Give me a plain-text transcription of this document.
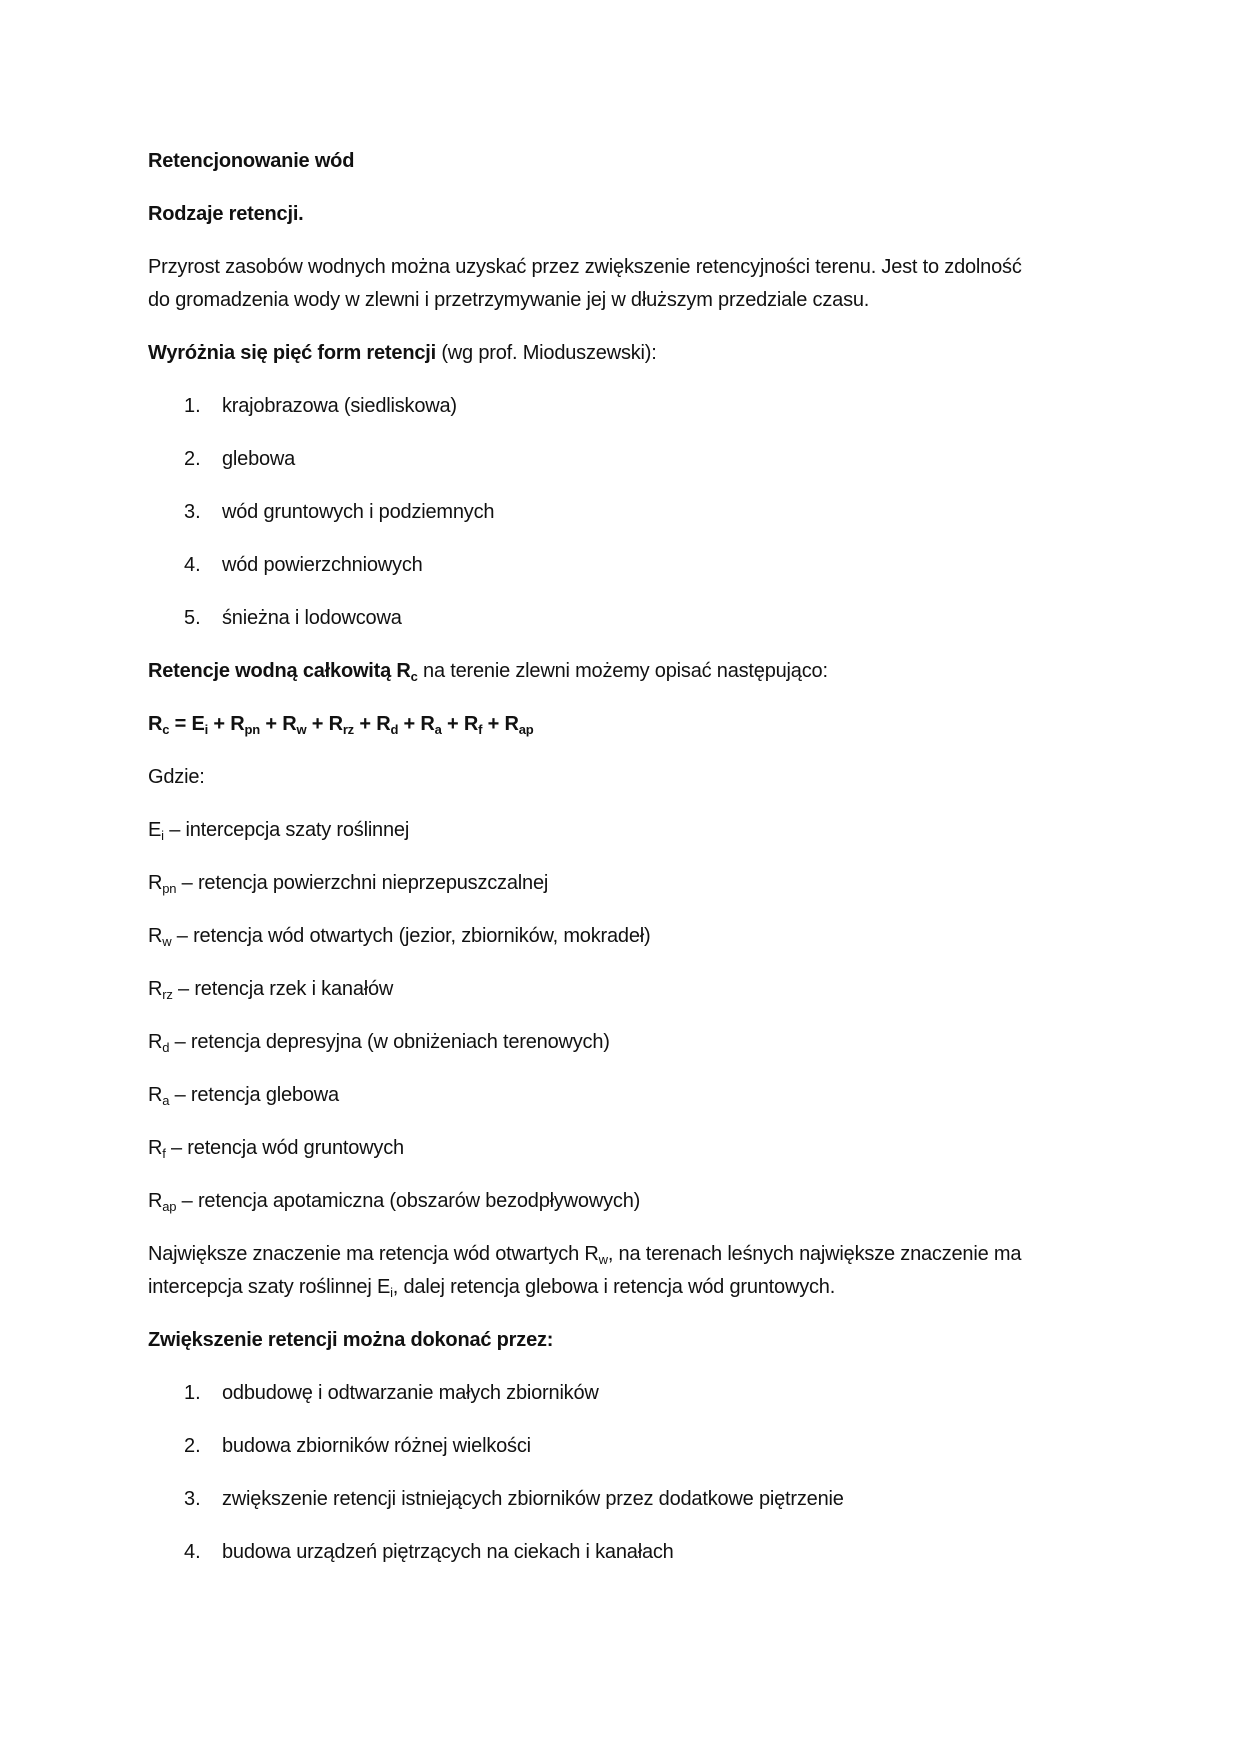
Retencjonowanie wód
Rodzaje retencji.
Przyrost zasobów wodnych można uzyskać przez zwiększenie retencyjności terenu. Jest to zdolność
do gromadzenia wody w zlewni i przetrzymywanie jej w dłuższym przedziale czasu.
Wyróżnia się pięć form retencji (wg prof. Mioduszewski):
1. krajobrazowa (siedliskowa)
2. glebowa
3. wód gruntowych i podziemnych
4. wód powierzchniowych
5. śnieżna i lodowcowa
Retencje wodną całkowitą $R_c$ na terenie zlewni możemy opisać następująco:
$R_c = E_i + R_{pn} + R_w + R_{rz} + R_d + R_a + R_f + R_{ap}$
Gdzie:
$E_i$ – intercepcja szaty roślinnej
$R_{pn}$ – retencja powierzchni nieprzepuszczalnej
$R_w$ – retencja wód otwartych (jezior, zbiorników, mokradeł)
$R_{rz}$ – retencja rzek i kanałów
$R_d$ – retencja depresyjna (w obniżeniach terenowych)
$R_a$ – retencja glebowa
$R_f$ – retencja wód gruntowych
$R_{ap}$ – retencja apotamiczna (obszarów bezodpływowych)
Największe znaczenie ma retencja wód otwartych $R_w$, na terenach leśnych największe znaczenie ma
intercepcja szaty roślinnej $E_i$, dalej retencja glebowa i retencja wód gruntowych.
Zwiększenie retencji można dokonać przez:
1. odbudowę i odtwarzanie małych zbiorników
2. budowa zbiorników różnej wielkości
3. zwiększenie retencji istniejących zbiorników przez dodatkowe piętrzenie
4. budowa urządzeń piętrzących na ciekach i kanałach
